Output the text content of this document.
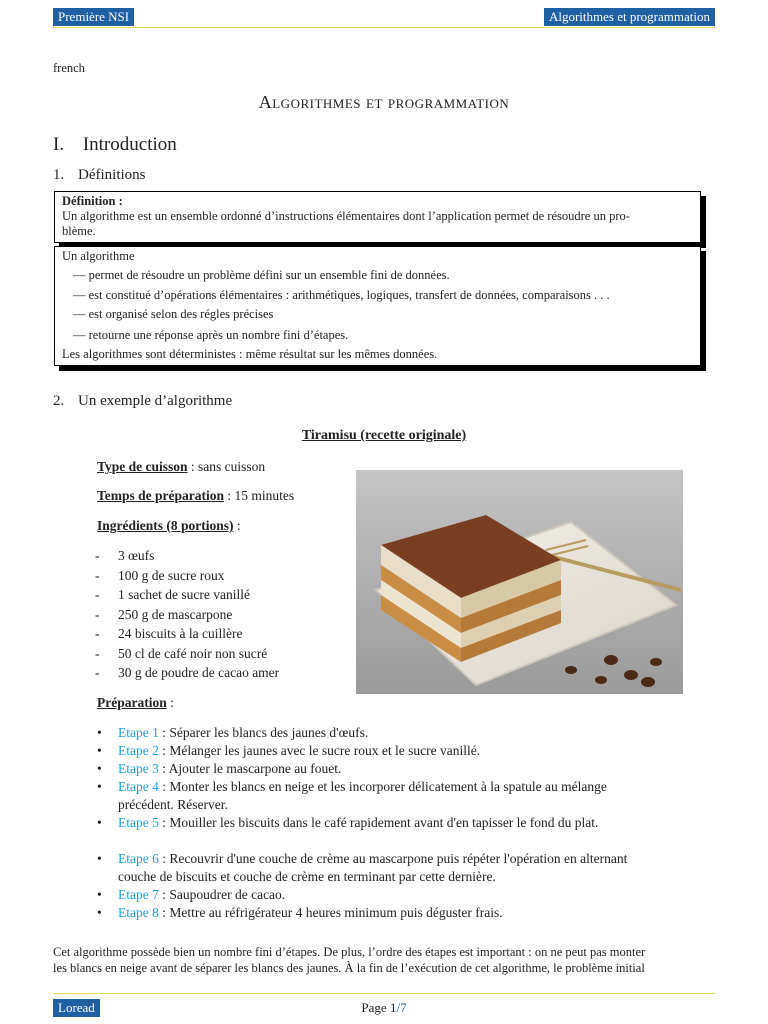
Première NSI	Algorithmes et programmation
french
Algorithmes et programmation
I. Introduction
1. Définitions
Définition :
Un algorithme est un ensemble ordonné d’instructions élémentaires dont l’application permet de résoudre un pro-
blème.
Un algorithme
— permet de résoudre un problème défini sur un ensemble fini de données.
— est constitué d’opérations élémentaires : arithmétiques, logiques, transfert de données, comparaisons . . .
— est organisé selon des régles précises
— retourne une réponse après un nombre fini d’étapes.
Les algorithmes sont déterministes : même résultat sur les mêmes données.
2. Un exemple d’algorithme
Tiramisu (recette originale)
Type de cuisson : sans cuisson
Temps de préparation : 15 minutes
Ingrédients (8 portions) :
- 3 œufs
- 100 g de sucre roux
- 1 sachet de sucre vanillé
- 250 g de mascarpone
- 24 biscuits à la cuillère
- 50 cl de café noir non sucré
- 30 g de poudre de cacao amer
Préparation :
• Etape 1 : Séparer les blancs des jaunes d'œufs.
• Etape 2 : Mélanger les jaunes avec le sucre roux et le sucre vanillé.
• Etape 3 : Ajouter le mascarpone au fouet.
• Etape 4 : Monter les blancs en neige et les incorporer délicatement à la spatule au mélange précédent. Réserver.
• Etape 5 : Mouiller les biscuits dans le café rapidement avant d'en tapisser le fond du plat.
• Etape 6 : Recouvrir d'une couche de crème au mascarpone puis répéter l'opération en alternant couche de biscuits et couche de crème en terminant par cette dernière.
• Etape 7 : Saupoudrer de cacao.
• Etape 8 : Mettre au réfrigérateur 4 heures minimum puis déguster frais.
Cet algorithme possède bien un nombre fini d’étapes. De plus, l’ordre des étapes est important : on ne peut pas monter
les blancs en neige avant de séparer les blancs des jaunes. À la fin de l’exécution de cet algorithme, le problème initial
Loread	Page 1/7
